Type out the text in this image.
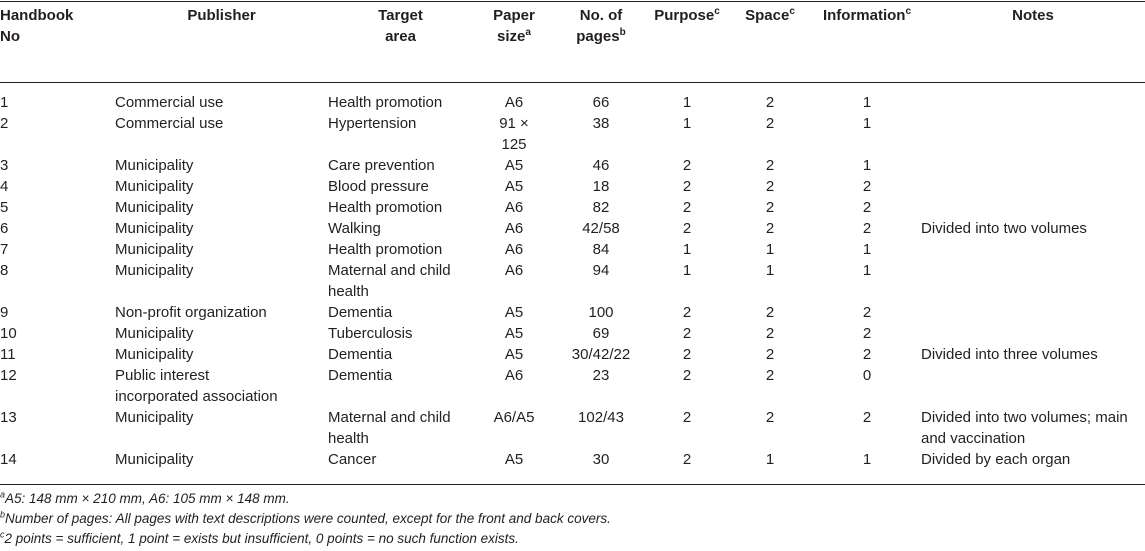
Handbook No	Publisher	Target area	Paper size$^a$	No. of pages$^b$	Purpose$^c$	Space$^c$	Information$^c$	Notes
1	Commercial use	Health promotion	A6	66	1	2	1	
2	Commercial use	Hypertension	91 × 125	38	1	2	1	
3	Municipality	Care prevention	A5	46	2	2	1	
4	Municipality	Blood pressure	A5	18	2	2	2	
5	Municipality	Health promotion	A6	82	2	2	2	
6	Municipality	Walking	A6	42/58	2	2	2	Divided into two volumes
7	Municipality	Health promotion	A6	84	1	1	1	
8	Municipality	Maternal and child health	A6	94	1	1	1	
9	Non-profit organization	Dementia	A5	100	2	2	2	
10	Municipality	Tuberculosis	A5	69	2	2	2	
11	Municipality	Dementia	A5	30/42/22	2	2	2	Divided into three volumes
12	Public interest incorporated association	Dementia	A6	23	2	2	0	
13	Municipality	Maternal and child health	A6/A5	102/43	2	2	2	Divided into two volumes; main and vaccination
14	Municipality	Cancer	A5	30	2	1	1	Divided by each organ
$^a$A5: 148 mm × 210 mm, A6: 105 mm × 148 mm.
$^b$Number of pages: All pages with text descriptions were counted, except for the front and back covers.
$^c$2 points = sufficient, 1 point = exists but insufficient, 0 points = no such function exists.
